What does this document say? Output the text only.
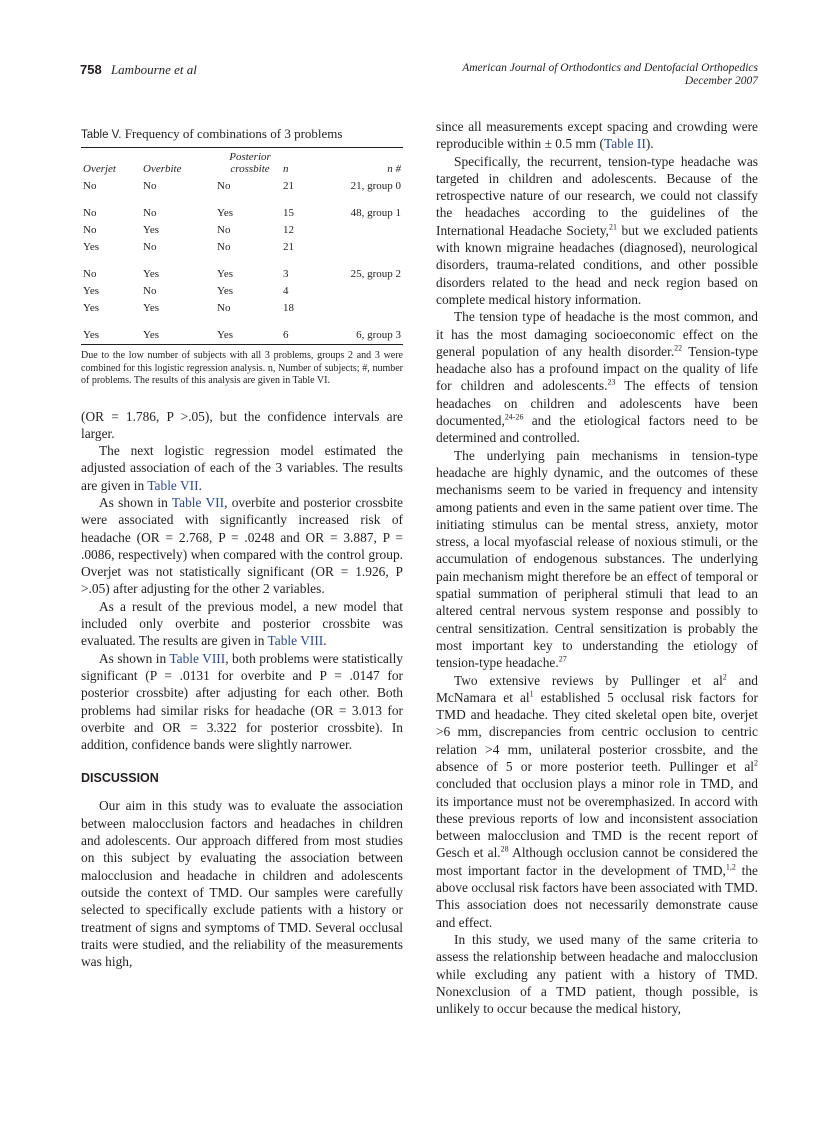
758 Lambourne et al	American Journal of Orthodontics and Dentofacial Orthopedics
December 2007
Table V. Frequency of combinations of 3 problems
Overjet	Overbite	Posterior crossbite	n	n #
No	No	No	21	21, group 0

No	No	Yes	15	48, group 1
No	Yes	No	12	
Yes	No	No	21	

No	Yes	Yes	3	25, group 2
Yes	No	Yes	4	
Yes	Yes	No	18	

Yes	Yes	Yes	6	6, group 3
Due to the low number of subjects with all 3 problems, groups 2 and 3 were combined for this logistic regression analysis. n, Number of subjects; #, number of problems. The results of this analysis are given in Table VI.

(OR = 1.786, P >.05), but the confidence intervals are larger.

The next logistic regression model estimated the adjusted association of each of the 3 variables. The results are given in Table VII.

As shown in Table VII, overbite and posterior crossbite were associated with significantly increased risk of headache (OR = 2.768, P = .0248 and OR = 3.887, P = .0086, respectively) when compared with the control group. Overjet was not statistically significant (OR = 1.926, P >.05) after adjusting for the other 2 variables.

As a result of the previous model, a new model that included only overbite and posterior crossbite was evaluated. The results are given in Table VIII.

As shown in Table VIII, both problems were statistically significant (P = .0131 for overbite and P = .0147 for posterior crossbite) after adjusting for each other. Both problems had similar risks for headache (OR = 3.013 for overbite and OR = 3.322 for posterior crossbite). In addition, confidence bands were slightly narrower.

DISCUSSION

Our aim in this study was to evaluate the association between malocclusion factors and headaches in children and adolescents. Our approach differed from most studies on this subject by evaluating the association between malocclusion and headache in children and adolescents outside the context of TMD. Our samples were carefully selected to specifically exclude patients with a history or treatment of signs and symptoms of TMD. Several occlusal traits were studied, and the reliability of the measurements was high,

since all measurements except spacing and crowding were reproducible within ± 0.5 mm (Table II).

Specifically, the recurrent, tension-type headache was targeted in children and adolescents. Because of the retrospective nature of our research, we could not classify the headaches according to the guidelines of the International Headache Society,$^{21}$ but we excluded patients with known migraine headaches (diagnosed), neurological disorders, trauma-related conditions, and other possible disorders related to the head and neck region based on complete medical history information.

The tension type of headache is the most common, and it has the most damaging socioeconomic effect on the general population of any health disorder.$^{22}$ Tension-type headache also has a profound impact on the quality of life for children and adolescents.$^{23}$ The effects of tension headaches on children and adolescents have been documented,$^{24-26}$ and the etiological factors need to be determined and controlled.

The underlying pain mechanisms in tension-type headache are highly dynamic, and the outcomes of these mechanisms seem to be varied in frequency and intensity among patients and even in the same patient over time. The initiating stimulus can be mental stress, anxiety, motor stress, a local myofascial release of noxious stimuli, or the accumulation of endogenous substances. The underlying pain mechanism might therefore be an effect of temporal or spatial summation of peripheral stimuli that lead to an altered central nervous system response and possibly to central sensitization. Central sensitization is probably the most important key to understanding the etiology of tension-type headache.$^{27}$

Two extensive reviews by Pullinger et $al^2$ and McNamara et $al^1$ established 5 occlusal risk factors for TMD and headache. They cited skeletal open bite, overjet >6 mm, discrepancies from centric occlusion to centric relation >4 mm, unilateral posterior crossbite, and the absence of 5 or more posterior teeth. Pullinger et $al^2$ concluded that occlusion plays a minor role in TMD, and its importance must not be overemphasized. In accord with these previous reports of low and inconsistent association between malocclusion and TMD is the recent report of Gesch et al.$^{28}$ Although occlusion cannot be considered the most important factor in the development of TMD,$^{1,2}$ the above occlusal risk factors have been associated with TMD. This association does not necessarily demonstrate cause and effect.

In this study, we used many of the same criteria to assess the relationship between headache and malocclusion while excluding any patient with a history of TMD. Nonexclusion of a TMD patient, though possible, is unlikely to occur because the medical history,
